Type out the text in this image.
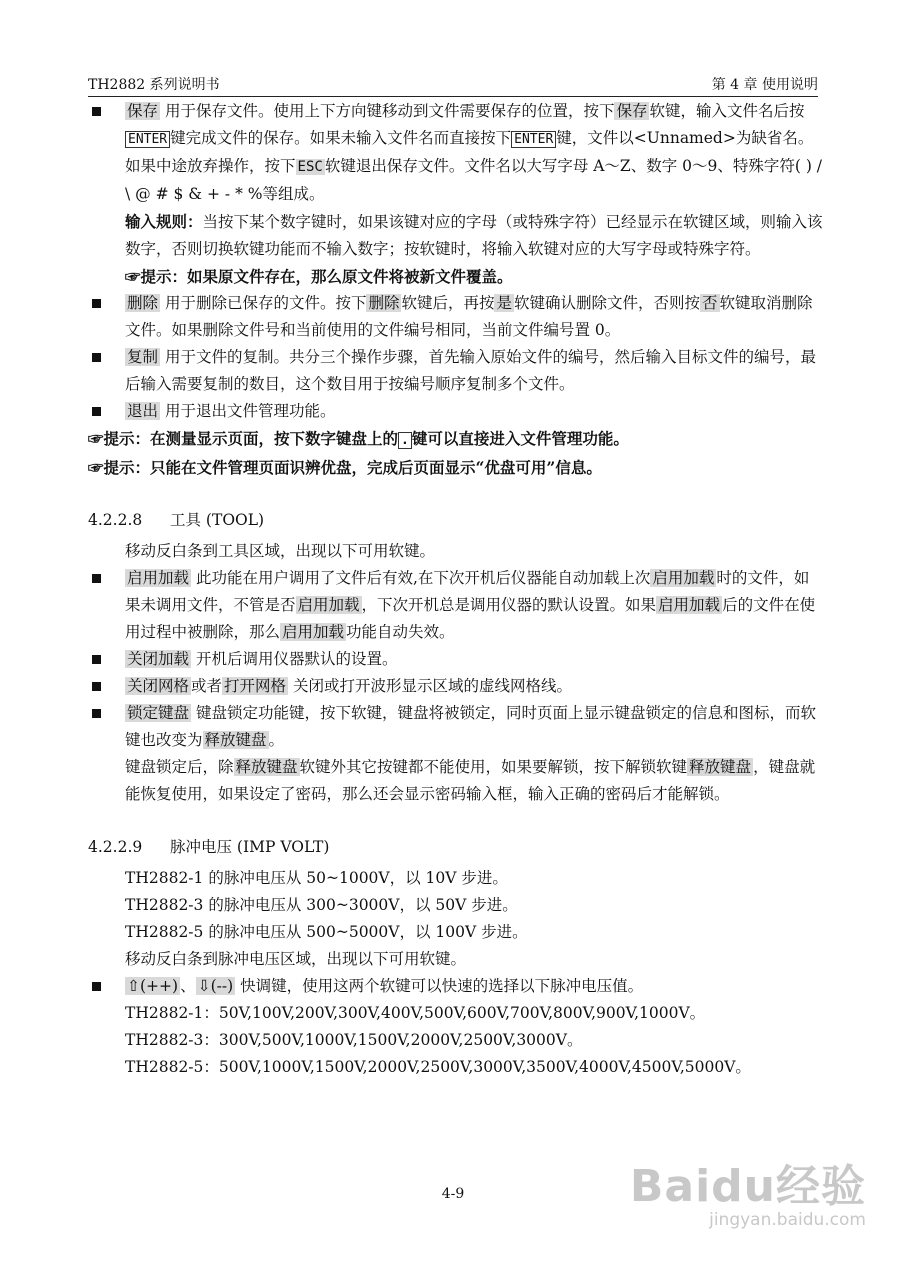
TH2882 系列说明书	第 4 章 使用说明
保存 用于保存文件。使用上下方向键移动到文件需要保存的位置，按下 保存 软键，输入文件名后按ENTER 键完成文件的保存。如果未输入文件名而直接按下 ENTER 键，文件以<Unnamed>为缺省名。如果中途放弃操作，按下 ESC 软键退出保存文件。文件名以大写字母 A～Z、数字 0～9、特殊字符( ) / \ @ # $ & + - * %等组成。
输入规则：当按下某个数字键时，如果该键对应的字母（或特殊字符）已经显示在软键区域，则输入该数字，否则切换软键功能而不输入数字；按软键时，将输入软键对应的大写字母或特殊字符。
☞提示：如果原文件存在，那么原文件将被新文件覆盖。
删除 用于删除已保存的文件。按下 删除 软键后，再按 是 软键确认删除文件，否则按 否 软键取消删除文件。如果删除文件号和当前使用的文件编号相同，当前文件编号置 0。
复制 用于文件的复制。共分三个操作步骤，首先输入原始文件的编号，然后输入目标文件的编号，最后输入需要复制的数目，这个数目用于按编号顺序复制多个文件。
退出 用于退出文件管理功能。
☞提示：在测量显示页面，按下数字键盘上的 . 键可以直接进入文件管理功能。
☞提示：只能在文件管理页面识辨优盘，完成后页面显示“优盘可用”信息。
4.2.2.8 工具 (TOOL)
移动反白条到工具区域，出现以下可用软键。
启用加载 此功能在用户调用了文件后有效,在下次开机后仪器能自动加载上次 启用加载 时的文件，如果未调用文件，不管是否 启用加载 ，下次开机总是调用仪器的默认设置。如果 启用加载 后的文件在使用过程中被删除，那么 启用加载 功能自动失效。
关闭加载 开机后调用仪器默认的设置。
关闭网格 或者 打开网格 关闭或打开波形显示区域的虚线网格线。
锁定键盘 键盘锁定功能键，按下软键，键盘将被锁定，同时页面上显示键盘锁定的信息和图标，而软键也改变为 释放键盘 。
键盘锁定后，除 释放键盘 软键外其它按键都不能使用，如果要解锁，按下解锁软键 释放键盘 ，键盘就能恢复使用，如果设定了密码，那么还会显示密码输入框，输入正确的密码后才能解锁。
4.2.2.9 脉冲电压 (IMP VOLT)
TH2882-1 的脉冲电压从 50~1000V，以 10V 步进。
TH2882-3 的脉冲电压从 300~3000V，以 50V 步进。
TH2882-5 的脉冲电压从 500~5000V，以 100V 步进。
移动反白条到脉冲电压区域，出现以下可用软键。
⇧(++) 、 ⇩(--) 快调键，使用这两个软键可以快速的选择以下脉冲电压值。
TH2882-1：50V,100V,200V,300V,400V,500V,600V,700V,800V,900V,1000V。
TH2882-3：300V,500V,1000V,1500V,2000V,2500V,3000V。
TH2882-5：500V,1000V,1500V,2000V,2500V,3000V,3500V,4000V,4500V,5000V。
4-9	Baidu经验
jingyan.baidu.com
